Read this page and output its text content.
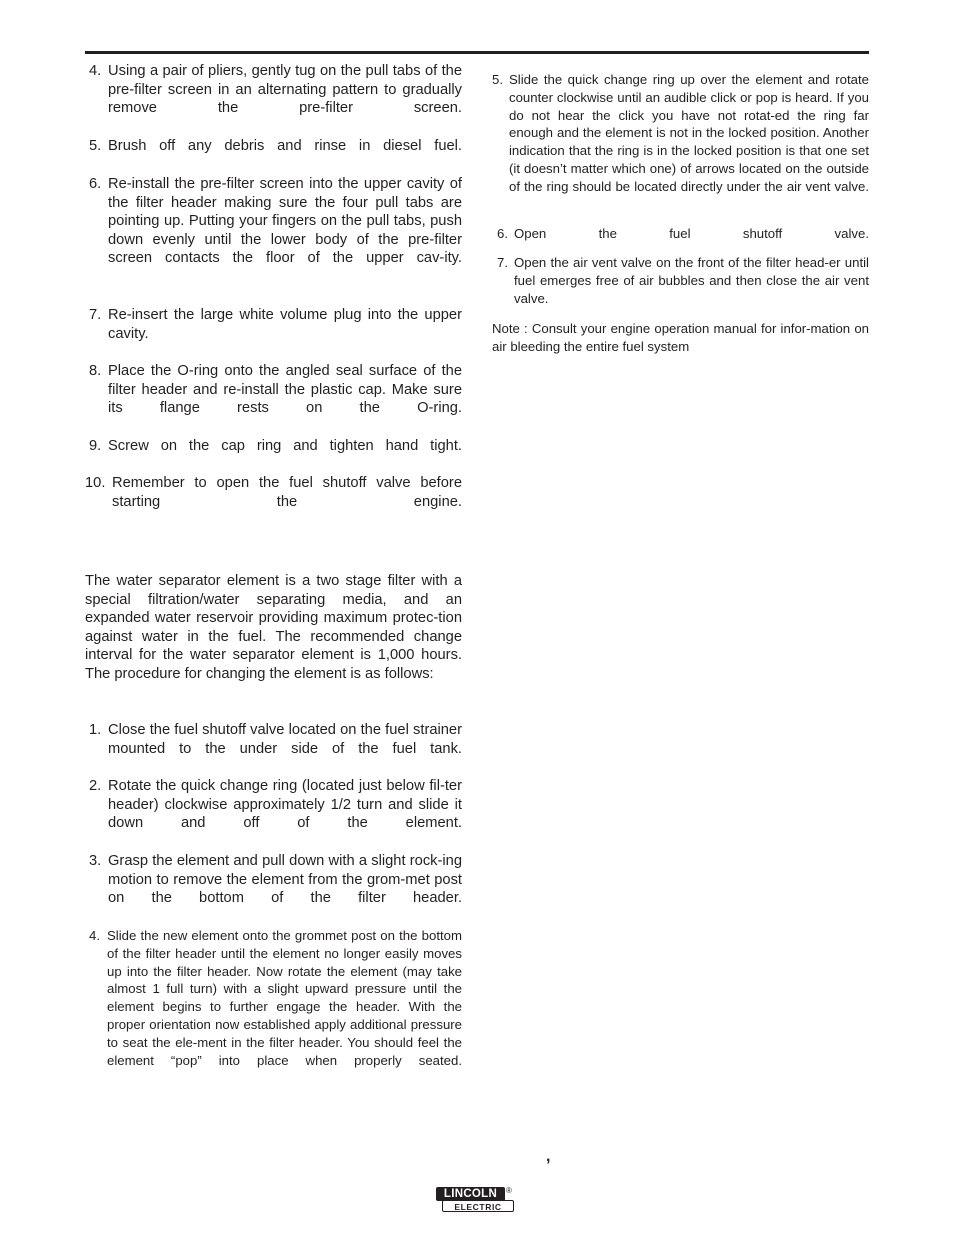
4. Using a pair of pliers, gently tug on the pull tabs of the pre-filter screen in an alternating pattern to gradually remove the pre-filter screen.
5. Brush off any debris and rinse in diesel fuel.
6. Re-install the pre-filter screen into the upper cavity of the filter header making sure the four pull tabs are pointing up. Putting your fingers on the pull tabs, push down evenly until the lower body of the pre-filter screen contacts the floor of the upper cav-ity.
7. Re-insert the large white volume plug into the upper cavity.
8. Place the O-ring onto the angled seal surface of the filter header and re-install the plastic cap. Make sure its flange rests on the O-ring.
9. Screw on the cap ring and tighten hand tight.
10. Remember to open the fuel shutoff valve before starting the engine.
The water separator element is a two stage filter with a special filtration/water separating media, and an expanded water reservoir providing maximum protec-tion against water in the fuel. The recommended change interval for the water separator element is 1,000 hours. The procedure for changing the element is as follows:
1. Close the fuel shutoff valve located on the fuel strainer mounted to the under side of the fuel tank.
2. Rotate the quick change ring (located just below fil-ter header) clockwise approximately 1/2 turn and slide it down and off of the element.
3. Grasp the element and pull down with a slight rock-ing motion to remove the element from the grom-met post on the bottom of the filter header.
4. Slide the new element onto the grommet post on the bottom of the filter header until the element no longer easily moves up into the filter header. Now rotate the element (may take almost 1 full turn) with a slight upward pressure until the element begins to further engage the header. With the proper orientation now established apply additional pressure to seat the ele-ment in the filter header. You should feel the element “pop” into place when properly seated.
5. Slide the quick change ring up over the element and rotate counter clockwise until an audible click or pop is heard. If you do not hear the click you have not rotat-ed the ring far enough and the element is not in the locked position. Another indication that the ring is in the locked position is that one set (it doesn’t matter which one) of arrows located on the outside of the ring should be located directly under the air vent valve.
6. Open the fuel shutoff valve.
7. Open the air vent valve on the front of the filter head-er until fuel emerges free of air bubbles and then close the air vent valve.
Note : Consult your engine operation manual for infor-mation on air bleeding the entire fuel system
,
LINCOLN	®
ELECTRIC
